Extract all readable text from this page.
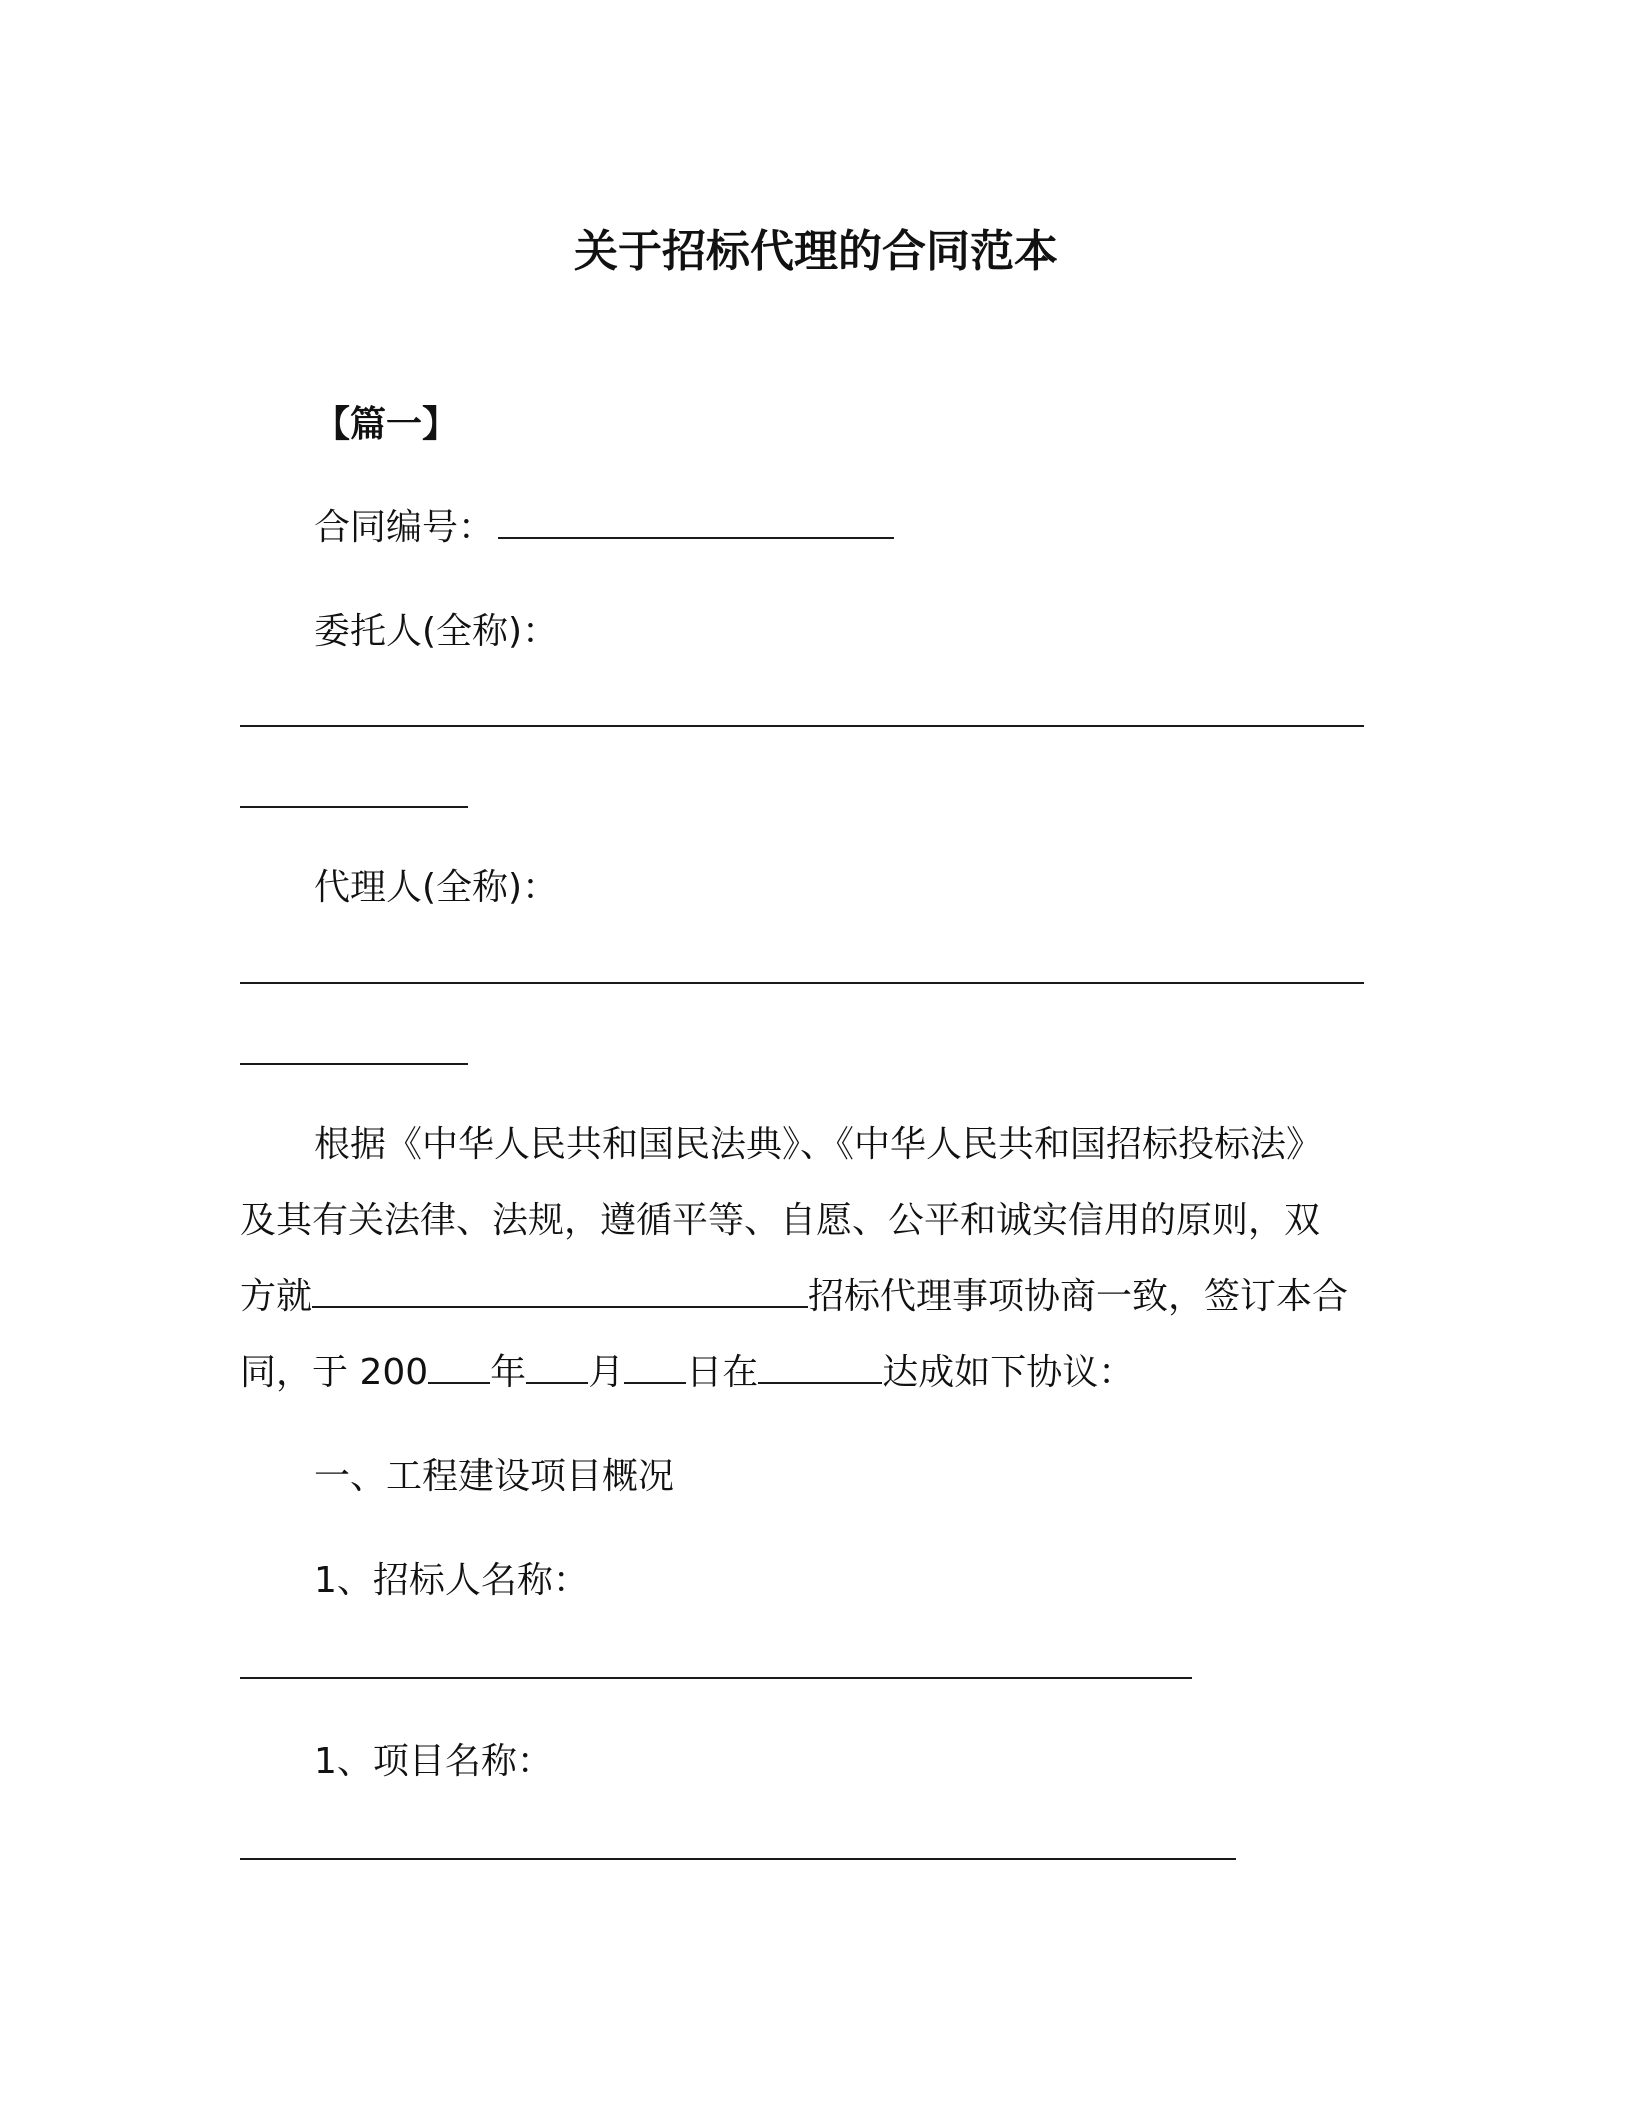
关于招标代理的合同范本
【篇一】
合同编号：
委托人(全称)：
代理人(全称)：
根据《中华人民共和国民法典》、《中华人民共和国招标投标法》
及其有关法律、法规，遵循平等、自愿、公平和诚实信用的原则，双
方就	招标代理事项协商一致，签订本合
同，于 200 年 月 日在	达成如下协议：
一、工程建设项目概况
1、招标人名称：
1、项目名称：
